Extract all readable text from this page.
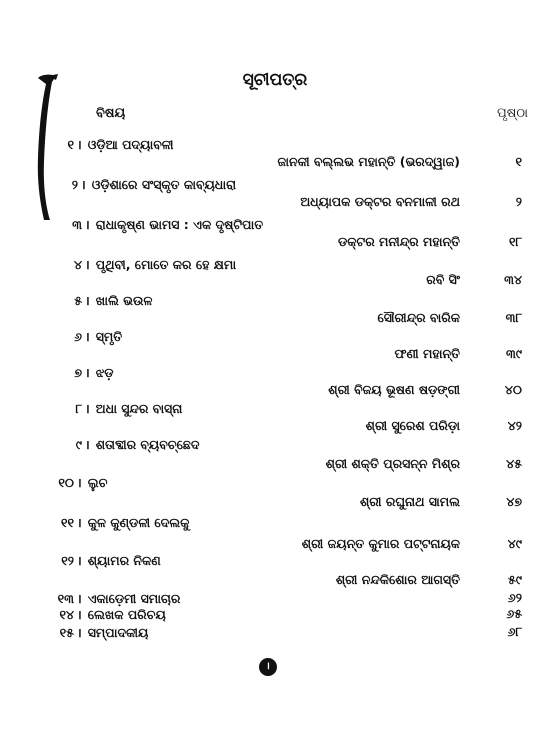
ସୂଚୀପତ୍ର
ବିଷୟ	ପୃଷ୍ଠା
୧ । ଓଡ଼ିଆ ପଦ୍ୟାବଳୀ
ଜାନକୀ ବଲ୍ଲଭ ମହାନ୍ତି (ଭରଦ୍ୱାଜ)	୧
୨ । ଓଡ଼ିଶାରେ ସଂସ୍କୃତ କାବ୍ୟଧାରା
ଅଧ୍ୟାପକ ଡକ୍ଟର ବନମାଳୀ ରଥ	୨
୩ । ରାଧାକୃଷ୍ଣ ଭାମସ : ଏକ ଦୃଷ୍ଟିପାତ
ଡକ୍ଟର ମନୀନ୍ଦ୍ର ମହାନ୍ତି	୧୮
୪ । ପୃଥିବୀ, ମୋତେ କର ହେ କ୍ଷମା
ରବି ସିଂ	୩୪
୫ । ଖାଲି ଭଉଳ
ସୌରୀନ୍ଦ୍ର ବାରିକ	୩୮
୬ । ସ୍ମୃତି
ଫଣୀ ମହାନ୍ତି	୩୯
୭ । ଝଡ଼
ଶ୍ରୀ ବିଜୟ ଭୂଷଣ ଷଡ଼ଙ୍ଗୀ	୪୦
୮ । ଅଧା ସୁନ୍ଦର ବାସ୍ନା
ଶ୍ରୀ ସୁରେଶ ପରିଡ଼ା	୪୨
୯ । ଶତାବ୍ଦୀର ବ୍ୟବଚ୍ଛେଦ
ଶ୍ରୀ ଶକ୍ତି ପ୍ରସନ୍ନ ମିଶ୍ର	୪୫
୧୦ । ଲୁଚ
ଶ୍ରୀ ରଘୁନାଥ ସାମଲ	୪୭
୧୧ । କୁଳ କୁଣ୍ଡଳୀ ଦେଲକୁ
ଶ୍ରୀ ଜୟନ୍ତ କୁମାର ପଟ୍ଟନାୟକ	୪୯
୧୨ । ଶ୍ୟାମର ନିକଣ
ଶ୍ରୀ ନନ୍ଦକିଶୋର ଆଗସ୍ତି	୫୯
୧୩ । ଏକାଡ଼େମୀ ସମାଚାର	୬୨
୧୪ । ଲେଖକ ପରିଚୟ	୬୫
୧୫ । ସମ୍ପାଦକୀୟ	୬୮
।
